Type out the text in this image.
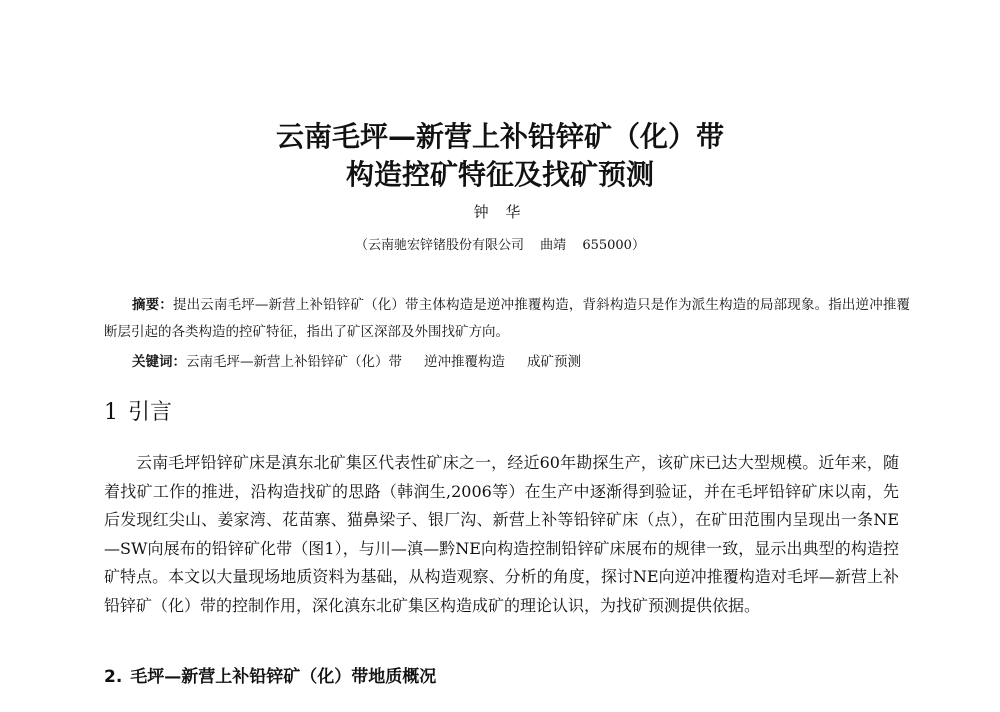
云南毛坪—新营上补铅锌矿（化）带
构造控矿特征及找矿预测
钟 华
（云南驰宏锌锗股份有限公司 曲靖 655000）
摘要：提出云南毛坪—新营上补铅锌矿（化）带主体构造是逆冲推覆构造，背斜构造只是作为派生构造的局部现象。指出逆冲推覆断层引起的各类构造的控矿特征，指出了矿区深部及外围找矿方向。
关键词：云南毛坪—新营上补铅锌矿（化）带 逆冲推覆构造 成矿预测
1 引言
云南毛坪铅锌矿床是滇东北矿集区代表性矿床之一，经近60年勘探生产，该矿床已达大型规模。近年来，随着找矿工作的推进，沿构造找矿的思路（韩润生,2006等）在生产中逐渐得到验证，并在毛坪铅锌矿床以南，先后发现红尖山、姜家湾、花苗寨、猫鼻梁子、银厂沟、新营上补等铅锌矿床（点），在矿田范围内呈现出一条NE—SW向展布的铅锌矿化带（图1），与川—滇—黔NE向构造控制铅锌矿床展布的规律一致，显示出典型的构造控矿特点。本文以大量现场地质资料为基础，从构造观察、分析的角度，探讨NE向逆冲推覆构造对毛坪—新营上补铅锌矿（化）带的控制作用，深化滇东北矿集区构造成矿的理论认识，为找矿预测提供依据。
2. 毛坪—新营上补铅锌矿（化）带地质概况
